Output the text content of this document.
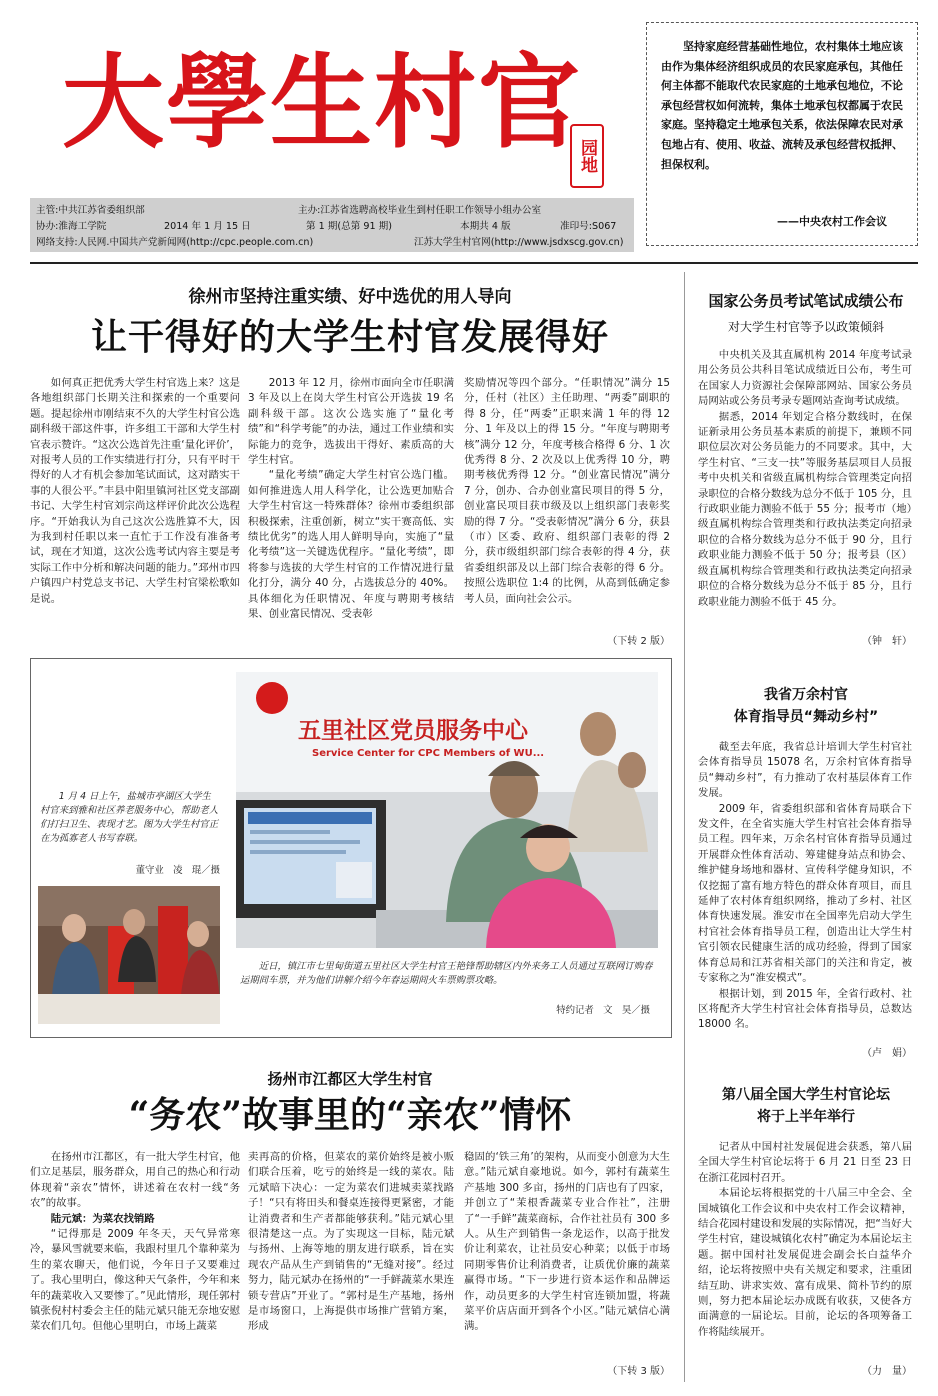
大學生村官
园地
主管:中共江苏省委组织部	主办:江苏省选聘高校毕业生到村任职工作领导小组办公室
协办:淮海工学院	2014 年 1 月 15 日	第 1 期(总第 91 期)	本期共 4 版	准印号:S067
网络支持:人民网.中国共产党新闻网(http://cpc.people.com.cn)	江苏大学生村官网(http://www.jsdxscg.gov.cn)
坚持家庭经营基础性地位，农村集体土地应该由作为集体经济组织成员的农民家庭承包，其他任何主体都不能取代农民家庭的土地承包地位，不论承包经营权如何流转，集体土地承包权都属于农民家庭。坚持稳定土地承包关系，依法保障农民对承包地占有、使用、收益、流转及承包经营权抵押、担保权利。
——中央农村工作会议
徐州市坚持注重实绩、好中选优的用人导向
让干得好的大学生村官发展得好

如何真正把优秀大学生村官选上来？这是各地组织部门长期关注和探索的一个重要问题。提起徐州市刚结束不久的大学生村官公选副科级干部这件事，许多组工干部和大学生村官表示赞许。“这次公选首先注重‘量化评价’，对报考人员的工作实绩进行打分，只有平时干得好的人才有机会参加笔试面试，这对踏实干事的人很公平。”丰县中阳里镇河社区党支部副书记、大学生村官刘宗尚这样评价此次公选程序。“开始我认为自己这次公选胜算不大，因为我到村任职以来一直忙于工作没有准备考试，现在才知道，这次公选考试内容主要是考实际工作中分析和解决问题的能力。”邳州市四户镇四户村党总支书记、大学生村官梁松歌如是说。

2013 年 12 月，徐州市面向全市任职满 3 年及以上在岗大学生村官公开选拔 19 名副科级干部。这次公选实施了“量化考绩”和“科学考能”的办法，通过工作业绩和实际能力的竞争，选拔出干得好、素质高的大学生村官。

“量化考绩”确定大学生村官公选门槛。如何推进选人用人科学化，让公选更加贴合大学生村官这一特殊群体？徐州市委组织部积极探索，注重创新，树立“实干赛高低、实绩比优劣”的选人用人鲜明导向，实施了“量化考绩”这一关键选优程序。“量化考绩”，即将参与选拔的大学生村官的工作情况进行量化打分，满分 40 分，占选拔总分的 40%。具体细化为任职情况、年度与聘期考核结果、创业富民情况、受表彰

奖励情况等四个部分。“任职情况”满分 15 分，任村（社区）主任助理、“两委”副职的得 8 分，任“两委”正职来满 1 年的得 12 分、1 年及以上的得 15 分。“年度与聘期考核”满分 12 分，年度考核合格得 6 分、1 次优秀得 8 分、2 次及以上优秀得 10 分，聘期考核优秀得 12 分。“创业富民情况”满分 7 分，创办、合办创业富民项目的得 5 分，创业富民项目获市级及以上组织部门表彰奖励的得 7 分。“受表彰情况”满分 6 分，获县（市）区委、政府、组织部门表彰的得 2 分，获市级组织部门综合表彰的得 4 分，获省委组织部及以上部门综合表彰的得 6 分。按照公选职位 1:4 的比例，从高到低确定参考人员，面向社会公示。

（下转 2 版）
国家公务员考试笔试成绩公布
对大学生村官等予以政策倾斜

中央机关及其直属机构 2014 年度考试录用公务员公共科目笔试成绩近日公布，考生可在国家人力资源社会保障部网站、国家公务员局网站或公务员考录专题网站查询考试成绩。

据悉，2014 年划定合格分数线时，在保证新录用公务员基本素质的前提下，兼顾不同职位层次对公务员能力的不同要求。其中，大学生村官、“三支一扶”等服务基层项目人员报考中央机关和省级直属机构综合管理类定向招录职位的合格分数线为总分不低于 105 分，且行政职业能力测验不低于 55 分；报考市（地）级直属机构综合管理类和行政执法类定向招录职位的合格分数线为总分不低于 90 分，且行政职业能力测验不低于 50 分；报考县（区）级直属机构综合管理类和行政执法类定向招录职位的合格分数线为总分不低于 85 分，且行政职业能力测验不低于 45 分。

（钟　轩）
我省万余村官
体育指导员“舞动乡村”

截至去年底，我省总计培训大学生村官社会体育指导员 15078 名，万余村官体育指导员“舞动乡村”，有力推动了农村基层体育工作发展。

2009 年，省委组织部和省体育局联合下发文件，在全省实施大学生村官社会体育指导员工程。四年来，万余名村官体育指导员通过开展群众性体育活动、筹建健身站点和协会、维护健身场地和器材、宣传科学健身知识，不仅挖掘了富有地方特色的群众体育项目，而且延伸了农村体育组织网络，推动了乡村、社区体育快速发展。淮安市在全国率先启动大学生村官社会体育指导员工程，创造出让大学生村官引领农民健康生活的成功经验，得到了国家体育总局和江苏省相关部门的关注和肯定，被专家称之为“淮安模式”。

根据计划，到 2015 年，全省行政村、社区将配齐大学生村官社会体育指导员，总数达 18000 名。

（卢　娟）
第八届全国大学生村官论坛
将于上半年举行

记者从中国村社发展促进会获悉，第八届全国大学生村官论坛将于 6 月 21 日至 23 日在浙江花园村召开。

本届论坛将根据党的十八届三中全会、全国城镇化工作会议和中央农村工作会议精神，结合花园村建设和发展的实际情况，把“当好大学生村官，建设城镇化农村”确定为本届论坛主题。据中国村社发展促进会副会长白益华介绍，论坛将按照中央有关规定和要求，注重团结互助、讲求实效、富有成果、简朴节约的原则，努力把本届论坛办成既有收获，又使各方面满意的一届论坛。目前，论坛的各项筹备工作将陆续展开。

（力　量）
五里社区党员服务中心
Service Center for CPC Members of WU...
1 月 4 日上午，盐城市亭湖区大学生村官来到雅和社区养老服务中心，帮助老人们打扫卫生、表现才艺。图为大学生村官正在为孤寡老人书写春联。
董守业　凌　琨／摄
近日，镇江市七里甸街道五里社区大学生村官王艳锋帮助辖区内外来务工人员通过互联网订购春运期间车票，并为他们讲解介绍今年春运期间火车票购票攻略。
特约记者　文　昊／摄
扬州市江都区大学生村官
“务农”故事里的“亲农”情怀

在扬州市江都区，有一批大学生村官，他们立足基层，服务群众，用自己的热心和行动体现着“亲农”情怀，讲述着在农村一线“务农”的故事。

陆元斌：为菜农找销路

“记得那是 2009 年冬天，天气异常寒冷，暴风雪就要来临，我跟村里几个靠种菜为生的菜农聊天，他们说，今年日子又要难过了。我心里明白，像这种天气条件，今年和来年的蔬菜收入又要惨了。”见此情形，现任郭村镇张倪村村委会主任的陆元斌只能无奈地安慰菜农们几句。但他心里明白，市场上蔬菜

卖再高的价格，但菜农的菜价始终是被小贩们联合压着，吃亏的始终是一线的菜农。陆元斌暗下决心：一定为菜农们进城卖菜找路子！“只有将田头和餐桌连接得更紧密，才能让消费者和生产者都能够获利。”陆元斌心里很清楚这一点。为了实现这一目标，陆元斌与扬州、上海等地的朋友进行联系，旨在实现农产品从生产到销售的“无缝对接”。经过努力，陆元斌办在扬州的“一手鲜蔬菜水果连锁专营店”开业了。“郭村是生产基地，扬州是市场窗口，上海提供市场推广营销方案，形成

稳固的‘铁三角’的架构，从而变小创意为大生意。”陆元斌自豪地说。如今，郭村有蔬菜生产基地 300 多亩，扬州的门店也有了四家，并创立了“茉根香蔬菜专业合作社”，注册了“一手鲜”蔬菜商标，合作社社员有 300 多人。从生产到销售一条龙运作，以高于批发价让利菜农，让社员安心种菜；以低于市场同期零售价让利消费者，让质优价廉的蔬菜赢得市场。“下一步进行资本运作和品牌运作，动员更多的大学生村官连锁加盟，将蔬菜平价店店面开到各个小区。”陆元斌信心满满。

（下转 3 版）
